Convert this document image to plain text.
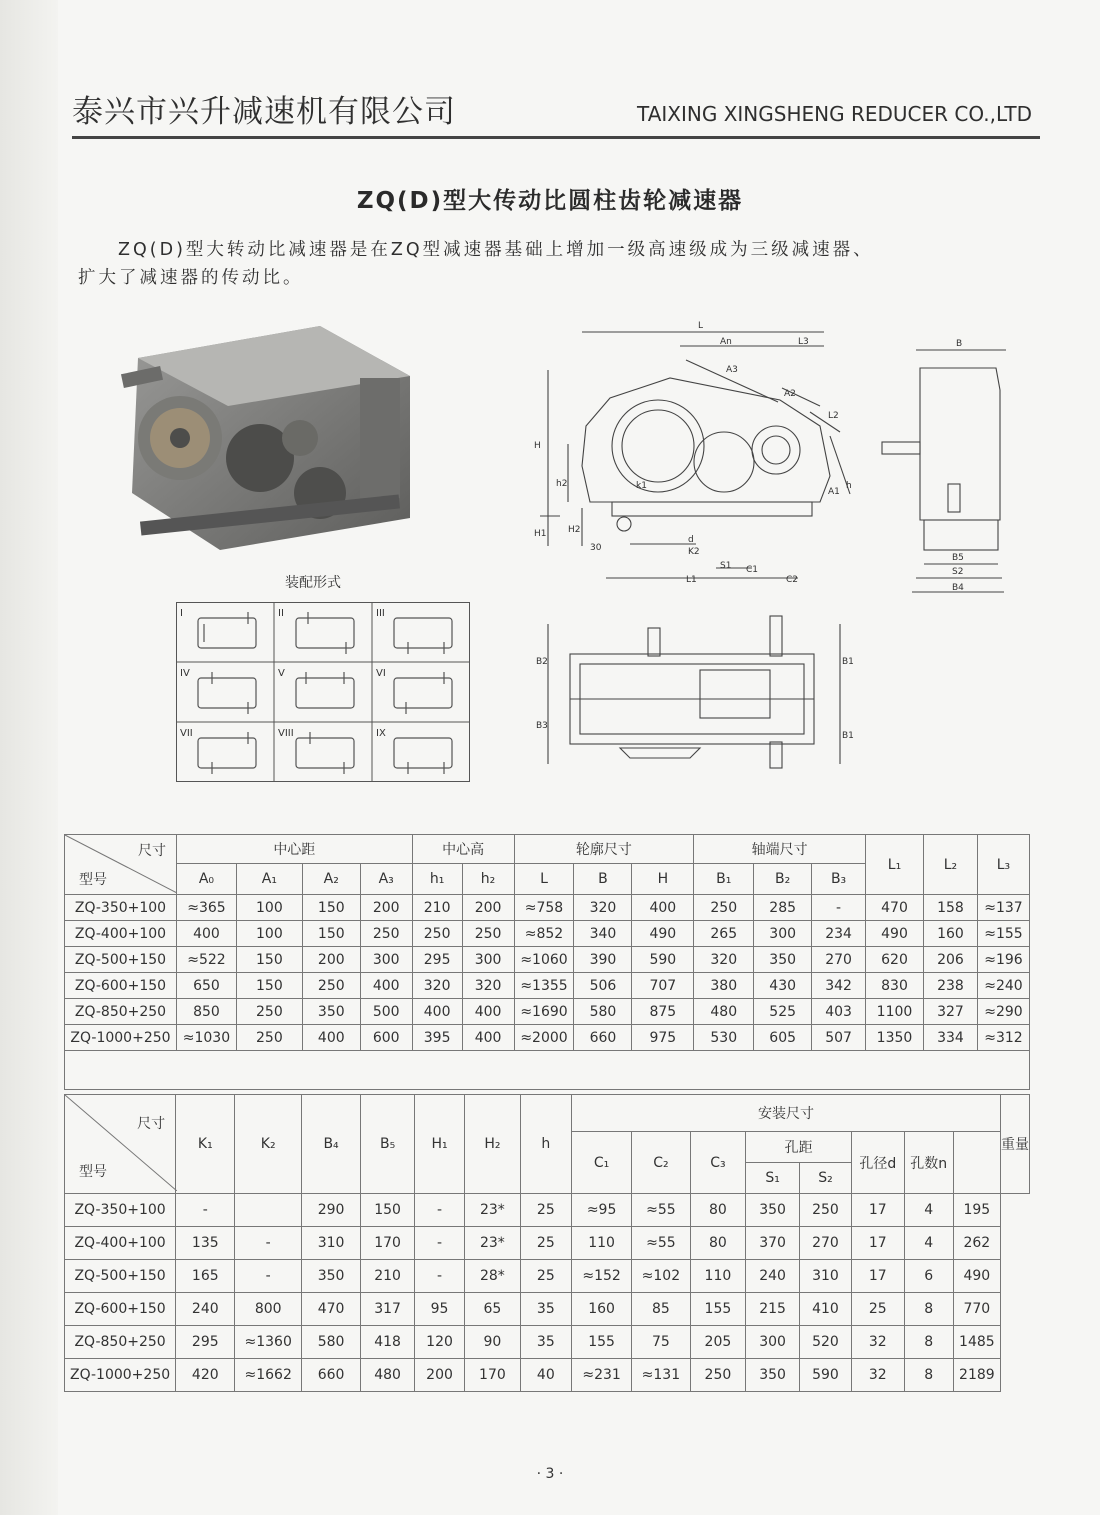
泰兴市兴升减速机有限公司	TAIXING XINGSHENG REDUCER CO.,LTD
ZQ(D)型大传动比圆柱齿轮减速器

ZQ(D)型大转动比减速器是在ZQ型减速器基础上增加一级高速级成为三级减速器、

扩大了减速器的传动比。

装配形式
I	II	III
IV	V	VI
VII	VIII	IX
L
An	L3
A3
A2
L2
H
h2	k1
A1
h
H1 H2
30
d
K2
S1 C1
C2
L1
B
B5
S2
B4
B2
B3
B1
B1
尺寸
型号	中心距				中心高		轮廓尺寸			轴端尺寸			L₁	L₂	L₃
	A₀	A₁	A₂	A₃	h₁	h₂	L	B	H	B₁	B₂	B₃			
ZQ-350+100	≈365	100	150	200	210	200	≈758	320	400	250	285	-	470	158	≈137
ZQ-400+100	400	100	150	250	250	250	≈852	340	490	265	300	234	490	160	≈155
ZQ-500+150	≈522	150	200	300	295	300	≈1060	390	590	320	350	270	620	206	≈196
ZQ-600+150	650	150	250	400	320	320	≈1355	506	707	380	430	342	830	238	≈240
ZQ-850+250	850	250	350	500	400	400	≈1690	580	875	480	525	403	1100	327	≈290
ZQ-1000+250	≈1030	250	400	600	395	400	≈2000	660	975	530	605	507	1350	334	≈312

尺寸
型号	K₁	K₂	B₄	B₅	H₁	H₂	h	安装尺寸								重量
								C₁	C₂	C₃	孔距		孔径d	孔数n		
											S₁	S₂				
ZQ-350+100	-		290	150	-	23*	25	≈95	≈55	80	350	250	17	4	195	
ZQ-400+100	135	-	310	170	-	23*	25	110	≈55	80	370	270	17	4	262	
ZQ-500+150	165	-	350	210	-	28*	25	≈152	≈102	110	240	310	17	6	490	
ZQ-600+150	240	800	470	317	95	65	35	160	85	155	215	410	25	8	770	
ZQ-850+250	295	≈1360	580	418	120	90	35	155	75	205	300	520	32	8	1485	
ZQ-1000+250	420	≈1662	660	480	200	170	40	≈231	≈131	250	350	590	32	8	2189	
· 3 ·
